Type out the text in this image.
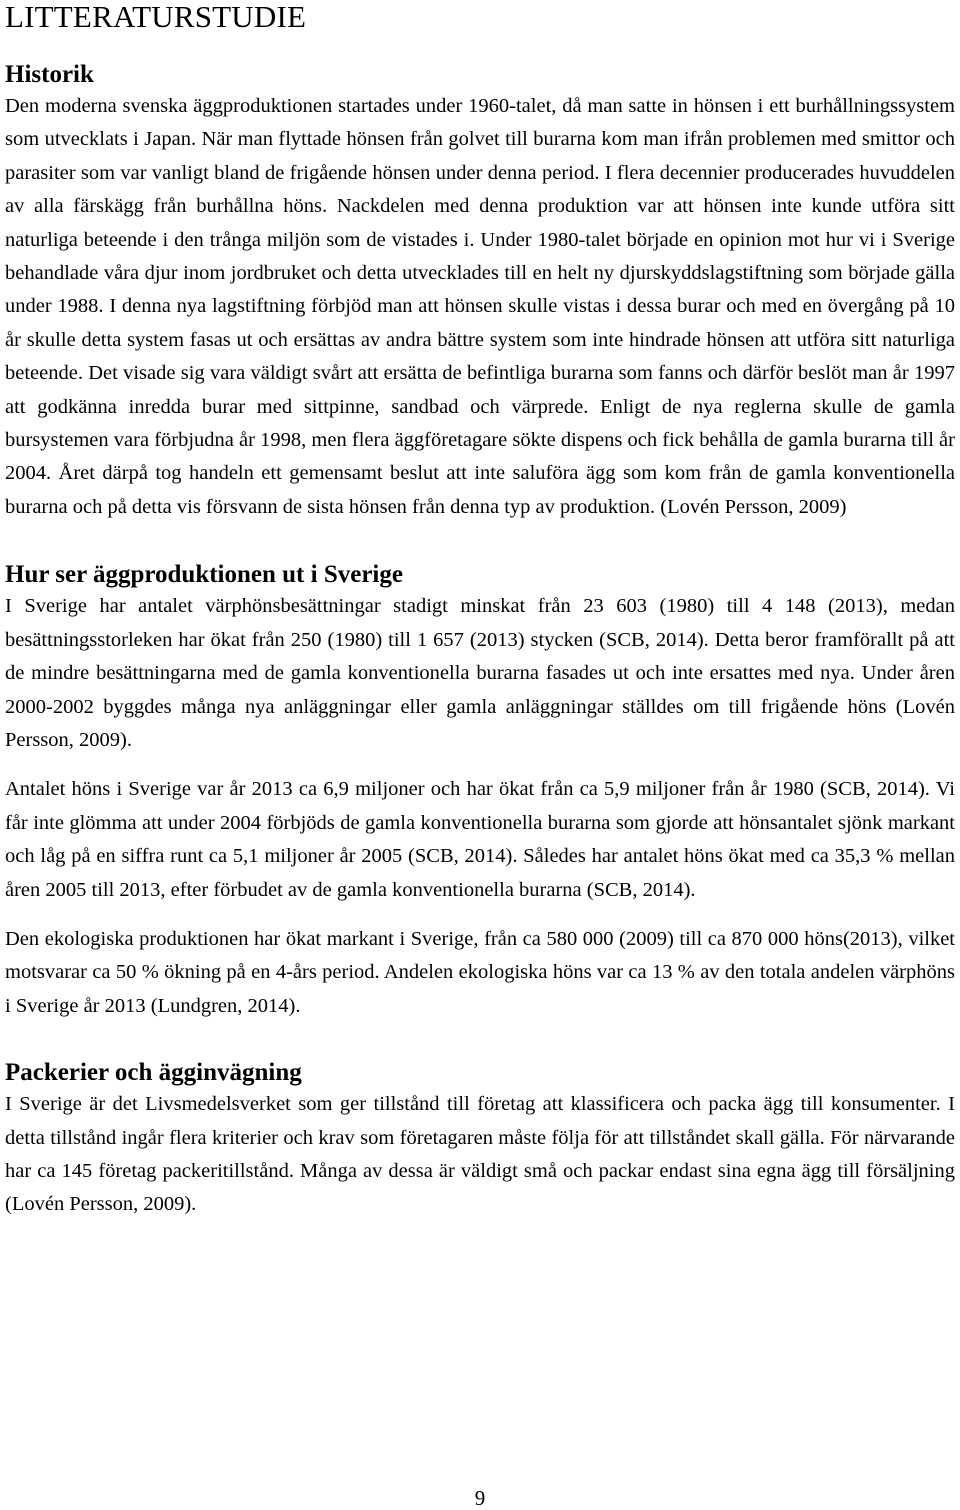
LITTERATURSTUDIE
Historik

Den moderna svenska äggproduktionen startades under 1960-talet, då man satte in hönsen i ett burhållningssystem som utvecklats i Japan. När man flyttade hönsen från golvet till burarna kom man ifrån problemen med smittor och parasiter som var vanligt bland de frigående hönsen under denna period. I flera decennier producerades huvuddelen av alla färskägg från burhållna höns. Nackdelen med denna produktion var att hönsen inte kunde utföra sitt naturliga beteende i den trånga miljön som de vistades i. Under 1980-talet började en opinion mot hur vi i Sverige behandlade våra djur inom jordbruket och detta utvecklades till en helt ny djurskyddslagstiftning som började gälla under 1988. I denna nya lagstiftning förbjöd man att hönsen skulle vistas i dessa burar och med en övergång på 10 år skulle detta system fasas ut och ersättas av andra bättre system som inte hindrade hönsen att utföra sitt naturliga beteende. Det visade sig vara väldigt svårt att ersätta de befintliga burarna som fanns och därför beslöt man år 1997 att godkänna inredda burar med sittpinne, sandbad och värprede. Enligt de nya reglerna skulle de gamla bursystemen vara förbjudna år 1998, men flera äggföretagare sökte dispens och fick behålla de gamla burarna till år 2004. Året därpå tog handeln ett gemensamt beslut att inte saluföra ägg som kom från de gamla konventionella burarna och på detta vis försvann de sista hönsen från denna typ av produktion. (Lovén Persson, 2009)

Hur ser äggproduktionen ut i Sverige

I Sverige har antalet värphönsbesättningar stadigt minskat från 23 603 (1980) till 4 148 (2013), medan besättningsstorleken har ökat från 250 (1980) till 1 657 (2013) stycken (SCB, 2014). Detta beror framförallt på att de mindre besättningarna med de gamla konventionella burarna fasades ut och inte ersattes med nya. Under åren 2000-2002 byggdes många nya anläggningar eller gamla anläggningar ställdes om till frigående höns (Lovén Persson, 2009).

Antalet höns i Sverige var år 2013 ca 6,9 miljoner och har ökat från ca 5,9 miljoner från år 1980 (SCB, 2014). Vi får inte glömma att under 2004 förbjöds de gamla konventionella burarna som gjorde att hönsantalet sjönk markant och låg på en siffra runt ca 5,1 miljoner år 2005 (SCB, 2014). Således har antalet höns ökat med ca 35,3 % mellan åren 2005 till 2013, efter förbudet av de gamla konventionella burarna (SCB, 2014).

Den ekologiska produktionen har ökat markant i Sverige, från ca 580 000 (2009) till ca 870 000 höns(2013), vilket motsvarar ca 50 % ökning på en 4-års period. Andelen ekologiska höns var ca 13 % av den totala andelen värphöns i Sverige år 2013 (Lundgren, 2014).

Packerier och ägginvägning

I Sverige är det Livsmedelsverket som ger tillstånd till företag att klassificera och packa ägg till konsumenter. I detta tillstånd ingår flera kriterier och krav som företagaren måste följa för att tillståndet skall gälla. För närvarande har ca 145 företag packeritillstånd. Många av dessa är väldigt små och packar endast sina egna ägg till försäljning (Lovén Persson, 2009).

9
